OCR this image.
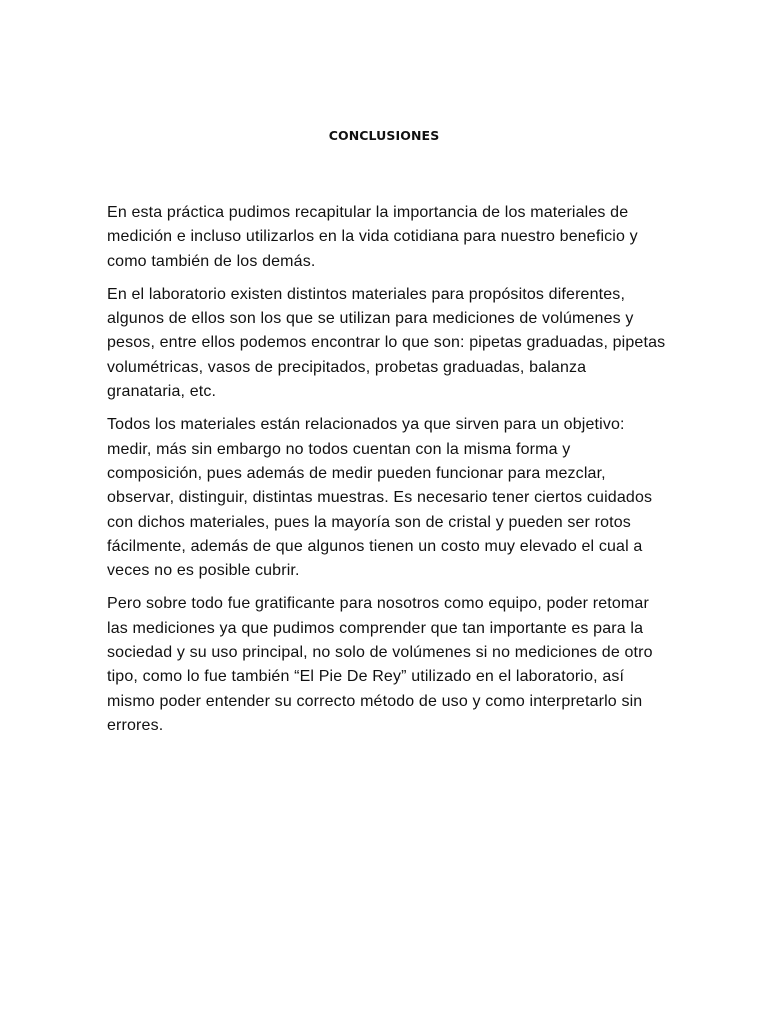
CONCLUSIONES

En esta práctica pudimos recapitular la importancia de los materiales de medición e incluso utilizarlos en la vida cotidiana para nuestro beneficio y como también de los demás.

En el laboratorio existen distintos materiales para propósitos diferentes, algunos de ellos son los que se utilizan para mediciones de volúmenes y pesos, entre ellos podemos encontrar lo que son: pipetas graduadas, pipetas volumétricas, vasos de precipitados, probetas graduadas, balanza granataria, etc.

Todos los materiales están relacionados ya que sirven para un objetivo: medir, más sin embargo no todos cuentan con la misma forma y composición, pues además de medir pueden funcionar para mezclar, observar, distinguir, distintas muestras. Es necesario tener ciertos cuidados con dichos materiales, pues la mayoría son de cristal y pueden ser rotos fácilmente, además de que algunos tienen un costo muy elevado el cual a veces no es posible cubrir.

Pero sobre todo fue gratificante para nosotros como equipo, poder retomar las mediciones ya que pudimos comprender que tan importante es para la sociedad y su uso principal, no solo de volúmenes si no mediciones de otro tipo, como lo fue también “El Pie De Rey” utilizado en el laboratorio, así mismo poder entender su correcto método de uso y como interpretarlo sin errores.
